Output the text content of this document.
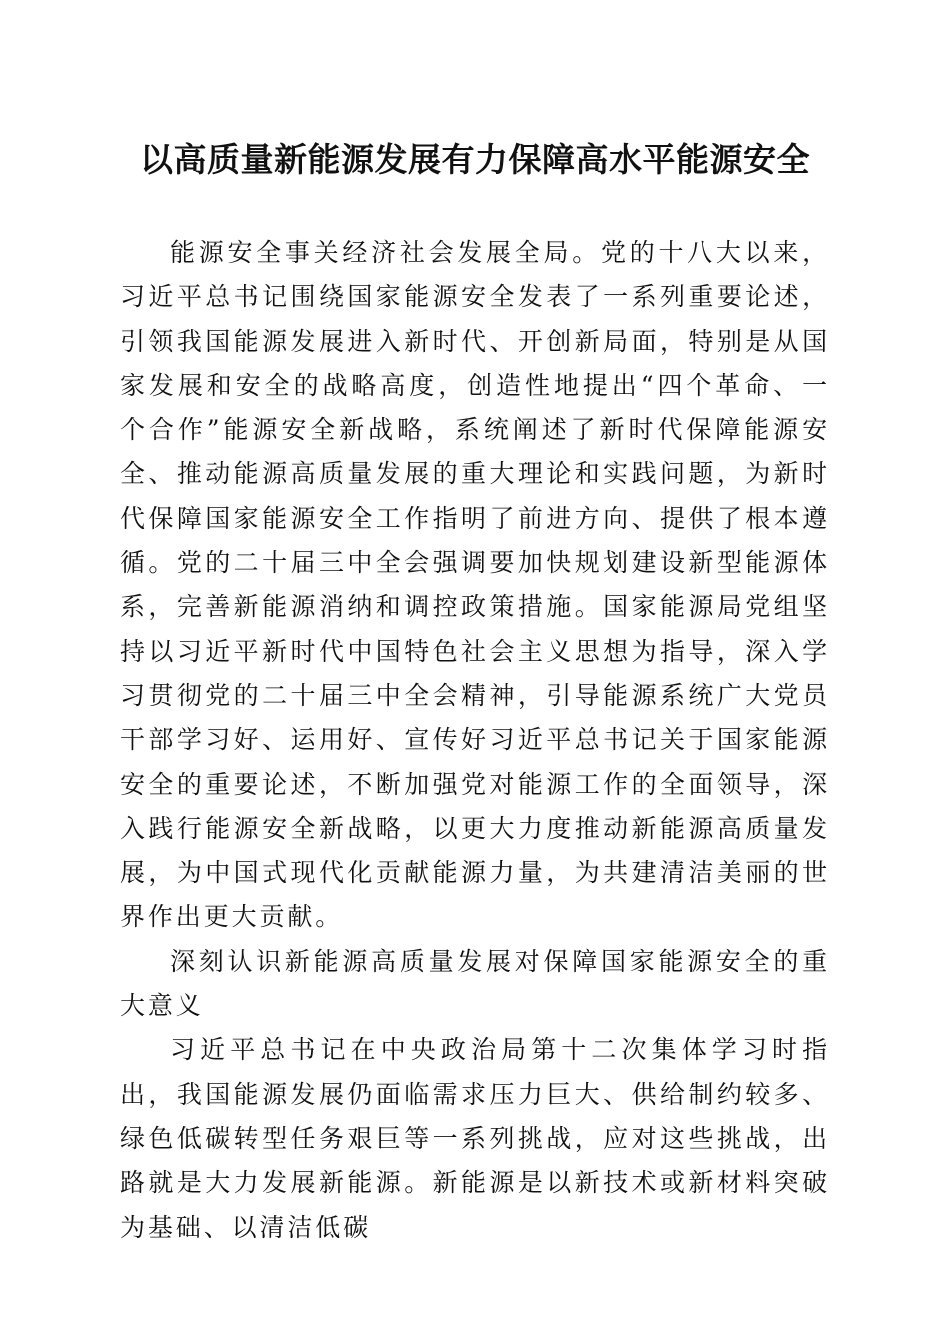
以高质量新能源发展有力保障高水平能源安全

能源安全事关经济社会发展全局。党的十八大以来，习近平总书记围绕国家能源安全发表了一系列重要论述，引领我国能源发展进入新时代、开创新局面，特别是从国家发展和安全的战略高度，创造性地提出“四个革命、一个合作”能源安全新战略，系统阐述了新时代保障能源安全、推动能源高质量发展的重大理论和实践问题，为新时代保障国家能源安全工作指明了前进方向、提供了根本遵循。党的二十届三中全会强调要加快规划建设新型能源体系，完善新能源消纳和调控政策措施。国家能源局党组坚持以习近平新时代中国特色社会主义思想为指导，深入学习贯彻党的二十届三中全会精神，引导能源系统广大党员干部学习好、运用好、宣传好习近平总书记关于国家能源安全的重要论述，不断加强党对能源工作的全面领导，深入践行能源安全新战略，以更大力度推动新能源高质量发展，为中国式现代化贡献能源力量，为共建清洁美丽的世界作出更大贡献。

深刻认识新能源高质量发展对保障国家能源安全的重大意义

习近平总书记在中央政治局第十二次集体学习时指出，我国能源发展仍面临需求压力巨大、供给制约较多、绿色低碳转型任务艰巨等一系列挑战，应对这些挑战，出路就是大力发展新能源。新能源是以新技术或新材料突破为基础、以清洁低碳
